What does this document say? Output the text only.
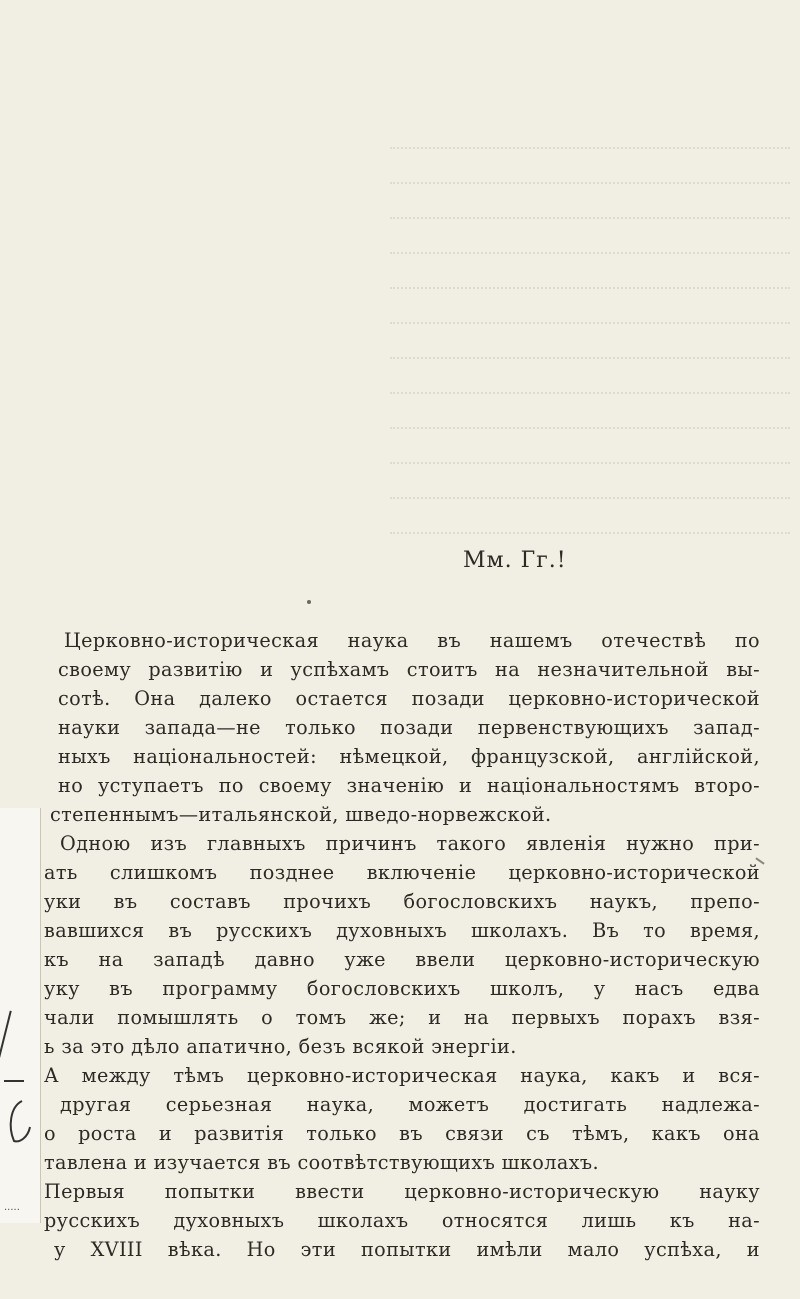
Мм. Гг.!
Церковно-историческая наука въ нашемъ отечествѣ по
своему развитію и успѣхамъ стоитъ на незначительной вы-
сотѣ. Она далеко остается позади церковно-исторической
науки запада—не только позади первенствующихъ запад-
ныхъ національностей: нѣмецкой, французской, англійской,
но уступаетъ по своему значенію и національностямъ второ-
степеннымъ—итальянской, шведо-норвежской.
Одною изъ главныхъ причинъ такого явленія нужно при-
ать слишкомъ позднее включеніе церковно-исторической
уки въ составъ прочихъ богословскихъ наукъ, препо-
вавшихся въ русскихъ духовныхъ школахъ. Въ то время,
къ на западѣ давно уже ввели церковно-историческую
уку въ программу богословскихъ школъ, у насъ едва
чали помышлять о томъ же; и на первыхъ порахъ взя-
ь за это дѣло апатично, безъ всякой энергіи.
А между тѣмъ церковно-историческая наука, какъ и вся-
другая серьезная наука, можетъ достигать надлежа-
о роста и развитія только въ связи съ тѣмъ, какъ она
тавлена и изучается въ соотвѣтствующихъ школахъ.
Первыя попытки ввести церковно-историческую науку
русскихъ духовныхъ школахъ относятся лишь къ на-
у XVIII вѣка. Но эти попытки имѣли мало успѣха, и
·····
